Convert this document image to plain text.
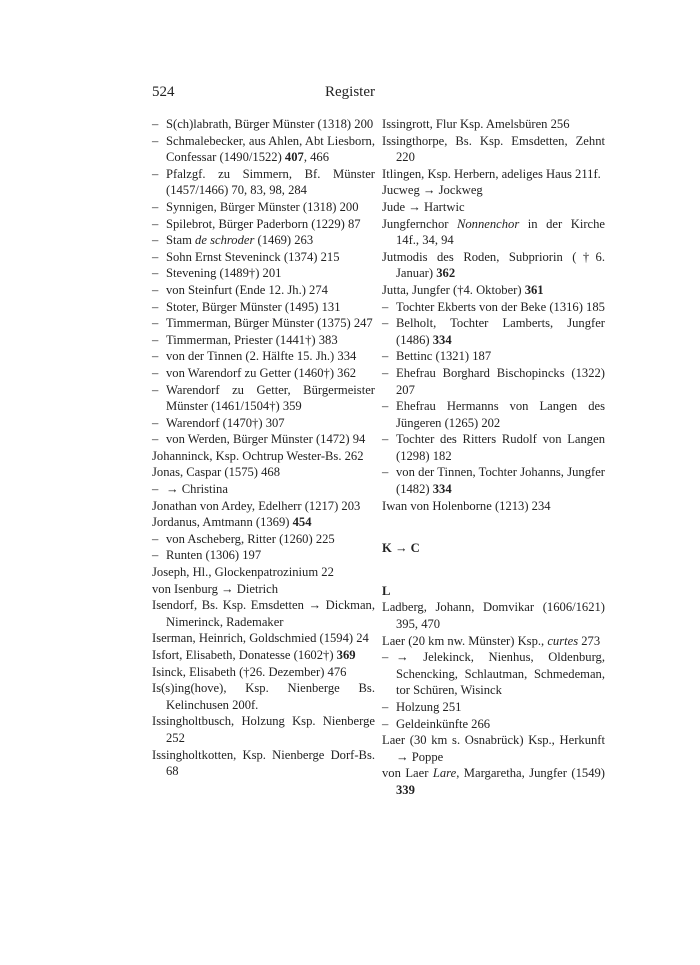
524	Register
– S(ch)labrath, Bürger Münster (1318) 200
– Schmalebecker, aus Ahlen, Abt Liesborn, Confessar (1490/1522) 407, 466
– Pfalzgf. zu Simmern, Bf. Münster (1457/1466) 70, 83, 98, 284
– Synnigen, Bürger Münster (1318) 200
– Spilebrot, Bürger Paderborn (1229) 87
– Stam de schroder (1469) 263
– Sohn Ernst Steveninck (1374) 215
– Stevening (1489†) 201
– von Steinfurt (Ende 12. Jh.) 274
– Stoter, Bürger Münster (1495) 131
– Timmerman, Bürger Münster (1375) 247
– Timmerman, Priester (1441†) 383
– von der Tinnen (2. Hälfte 15. Jh.) 334
– von Warendorf zu Getter (1460†) 362
– Warendorf zu Getter, Bürgermeister Münster (1461/1504†) 359
– Warendorf (1470†) 307
– von Werden, Bürger Münster (1472) 94
Johanninck, Ksp. Ochtrup Wester-Bs. 262
Jonas, Caspar (1575) 468
– → Christina
Jonathan von Ardey, Edelherr (1217) 203
Jordanus, Amtmann (1369) 454
– von Ascheberg, Ritter (1260) 225
– Runten (1306) 197
Joseph, Hl., Glockenpatrozinium 22
von Isenburg → Dietrich
Isendorf, Bs. Ksp. Emsdetten → Dickman, Nimerinck, Rademaker
Iserman, Heinrich, Goldschmied (1594) 24
Isfort, Elisabeth, Donatesse (1602†) 369
Isinck, Elisabeth (†26. Dezember) 476
Is(s)ing(hove), Ksp. Nienberge Bs. Kelinchusen 200f.
Issingholtbusch, Holzung Ksp. Nienberge 252
Issingholtkotten, Ksp. Nienberge Dorf-Bs. 68
Issingrott, Flur Ksp. Amelsbüren 256
Issingthorpe, Bs. Ksp. Emsdetten, Zehnt 220
Itlingen, Ksp. Herbern, adeliges Haus 211f.
Jucweg → Jockweg
Jude → Hartwic
Jungfernchor Nonnenchor in der Kirche 14f., 34, 94
Jutmodis des Roden, Subpriorin (†6. Januar) 362
Jutta, Jungfer (†4. Oktober) 361
– Tochter Ekberts von der Beke (1316) 185
– Belholt, Tochter Lamberts, Jungfer (1486) 334
– Bettinc (1321) 187
– Ehefrau Borghard Bischopincks (1322) 207
– Ehefrau Hermanns von Langen des Jüngeren (1265) 202
– Tochter des Ritters Rudolf von Langen (1298) 182
– von der Tinnen, Tochter Johanns, Jungfer (1482) 334
Iwan von Holenborne (1213) 234
K → C
L
Ladberg, Johann, Domvikar (1606/1621) 395, 470
Laer (20 km nw. Münster) Ksp., curtes 273
– → Jelekinck, Nienhus, Oldenburg, Schencking, Schlautman, Schmedeman, tor Schüren, Wisinck
– Holzung 251
– Geldeinkünfte 266
Laer (30 km s. Osnabrück) Ksp., Herkunft → Poppe
von Laer Lare, Margaretha, Jungfer (1549) 339
